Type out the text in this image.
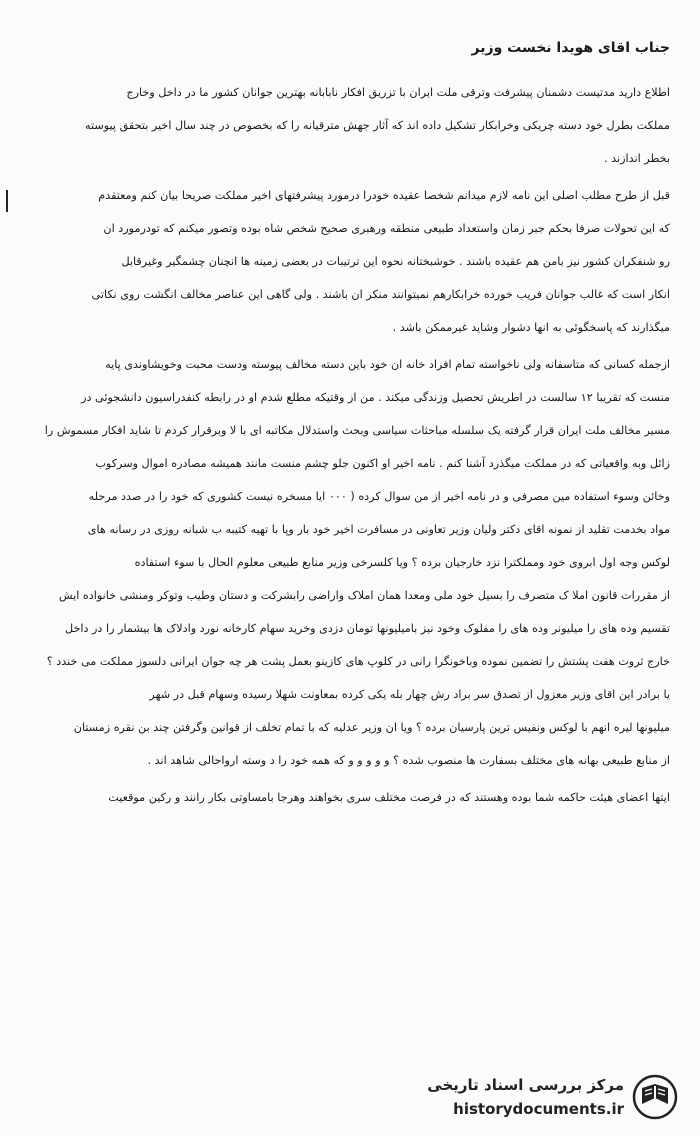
جناب اقای هویدا نخست وزیر
اطلاع دارید مدتیست دشمنان پیشرفت وترقی ملت ایران با تزریق افکار نابابانه بهترین جوانان کشور ما در داخل وخارج
مملکت بطرل خود دسته چریکی وخرابکار تشکیل داده اند که آثار جهش مترقیانه را که بخصوص در چند سال اخیر بتحقق پیوسته
بخطر اندازند .
قبل از طرح مطلب اصلی این نامه لازم میدانم شخصا عقیده خودرا درمورد پیشرفتهای اخیر مملکت صریحا بیان کنم ومعتقدم
که این تحولات صرفا بحکم جبر زمان واستعداد طبیعی منطقه ورهبری صحیح شخص شاه بوده وتصور میکنم که تودرمورد ان
رو شنفکران کشور نیز بامن هم عقیده باشند . خوشبختانه نحوه این ترتیبات در بعضی زمینه ها انچنان چشمگیر وغیرقابل
انکار است که غالب جوانان فریب خورده خرابکارهم نمیتوانند منکر ان باشند . ولی گاهی این عناصر مخالف انگشت روی نکاتی
میگذارند که پاسخگوئی به انها دشوار وشاید غیرممکن باشد .
ازجمله کسانی که متاسفانه ولی ناخواسته تمام افراد خانه ان خود باین دسته مخالف پیوسته ودست محبت وخویشاوندی پایه
منست که تقریبا ۱۲ سالست در اطریش تحصیل وزندگی میکند . من از وقتیکه مطلع شدم او در رابطه کنفدراسیون دانشجوئی در
مسیر مخالف ملت ایران قرار گرفته یک سلسله مباحثات سیاسی وبحث واستدلال مکاتبه ای با لا وبرقرار کردم تا شاید افکار مسموش را
زائل وبه واقعیاتی که در مملکت میگذرد آشنا کنم . نامه اخیر او اکنون جلو چشم منست مانند همیشه مصادره اموال وسرکوب
وخائن وسوء استفاده مین مصرفی و در نامه اخیر از من سوال کرده ( ۰۰۰ ایا مسخره نیست کشوری که خود را در صدد مرحله
مواد بخدمت تقلید از نمونه اقای دکتر ولیان وزیر تعاونی در مسافرت اخیر خود بار وپا با تهیه کتیبه ب شبانه روزی در رسانه های
لوکس وجه اول ابروی خود ومملکترا نزد خارجیان برده ؟ ویا کلسرخی وزیر منابع طبیعی معلوم الحال با سوء استفاده
از مقررات قانون املا ک متصرف را بسیل خود ملی ومعدا همان املاک واراضی رابشرکت و دستان وطیب وتوکر ومنشی خانواده ایش
تقسیم وده های را میلیونر وده های را مفلوک وخود نیز بامیلیونها تومان دزدی وخرید سهام کارخانه نورد وادلاک ها بیشمار را در داخل
خارج ثروت هفت پشتش را تضمین نموده وباخونگرا رانی در کلوپ های کازینو بعمل پشت هر چه جوان ایرانی دلسوز مملکت می خندد ؟
یا برادر این اقای وزیر معزول از تصدق سر براد رش چهار بله یکی کرده بمعاونت شهلا رسیده وسهام قبل در شهر
میلیونها لیره انهم با لوکس ونفیس ترین پارسیان برده ؟ ویا ان وزیر عدلیه که با تمام تخلف از قوانین وگرفتن چند بن نقره زمستان
از منابع طبیعی بهانه های مختلف بسفارت ها منصوب شده ؟ و و و و و که همه خود را د وسته ارواحالی شاهد اند .
ایتها اعضای هیئت حاکمه شما بوده وهستند که در فرصت مختلف سری بخواهند وهرجا بامساوتی بکار رانند و رکین موقعیت
مرکز بررسی اسناد تاریخی
historydocuments.ir
